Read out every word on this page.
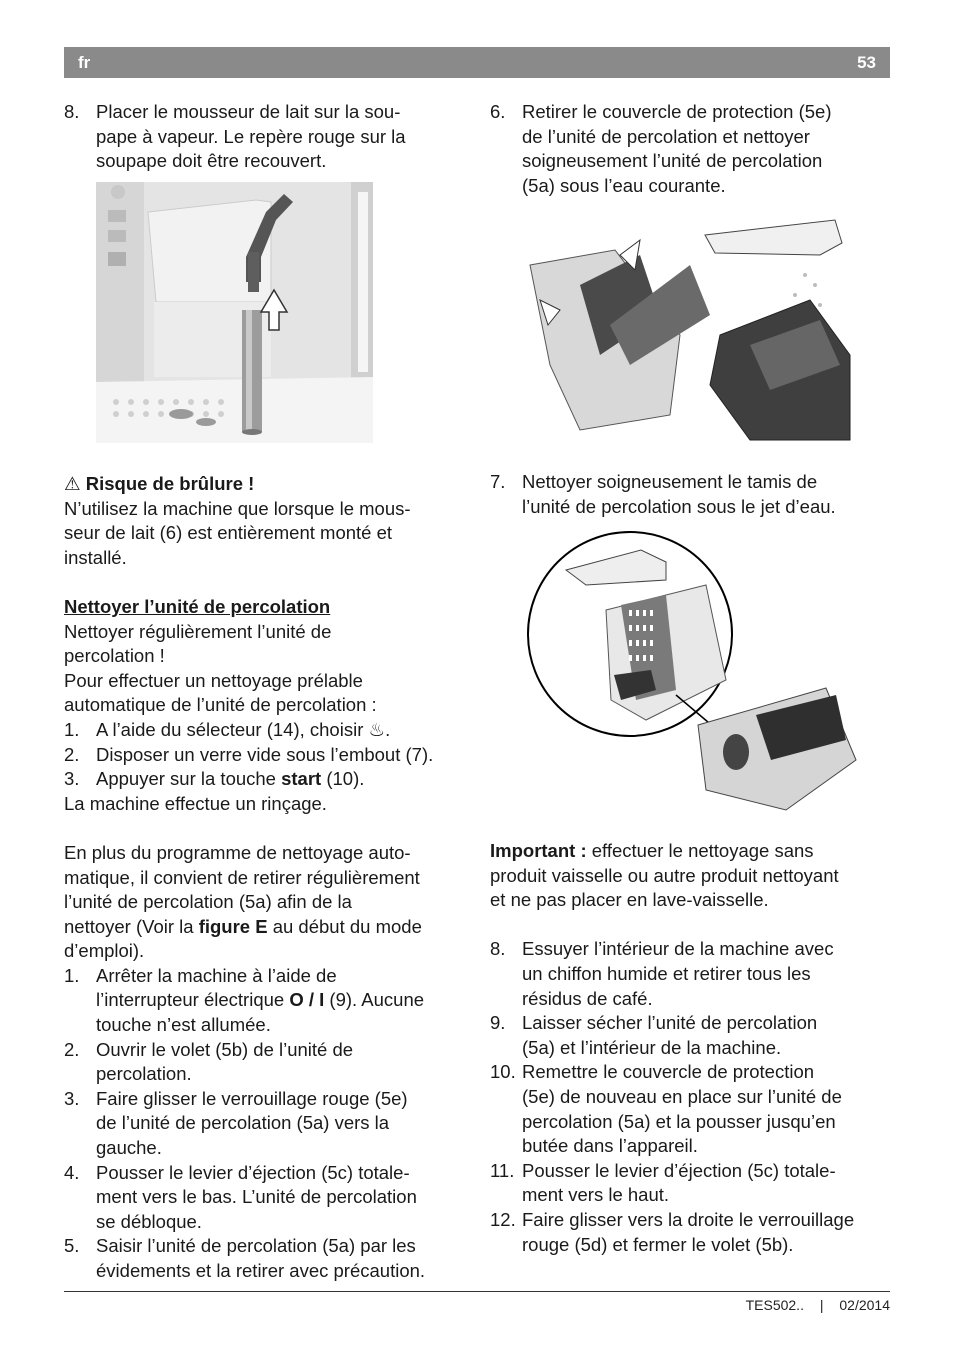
fr	53
8. Placer le mousseur de lait sur la sou-

pape à vapeur. Le repère rouge sur la

soupape doit être recouvert.

⚠ Risque de brûlure !

N’utilisez la machine que lorsque le mous-

seur de lait (6) est entièrement monté et

installé.

Nettoyer l’unité de percolation

Nettoyer régulièrement l’unité de

percolation !

Pour effectuer un nettoyage prélable

automatique de l’unité de percolation :

1. A l’aide du sélecteur (14), choisir ♨.

2. Disposer un verre vide sous l’embout (7).

3. Appuyer sur la touche start (10).

La machine effectue un rinçage.

En plus du programme de nettoyage auto-

matique, il convient de retirer régulièrement

l’unité de percolation (5a) afin de la

nettoyer (Voir la figure E au début du mode

d’emploi).

1. Arrêter la machine à l’aide de

l’interrupteur électrique O / I (9). Aucune

touche n’est allumée.

2. Ouvrir le volet (5b) de l’unité de

percolation.

3. Faire glisser le verrouillage rouge (5e)

de l’unité de percolation (5a) vers la

gauche.

4. Pousser le levier d’éjection (5c) totale-

ment vers le bas. L’unité de percolation

se débloque.

5. Saisir l’unité de percolation (5a) par les

évidements et la retirer avec précaution.

6. Retirer le couvercle de protection (5e)

de l’unité de percolation et nettoyer

soigneusement l’unité de percolation

(5a) sous l’eau courante.

7. Nettoyer soigneusement le tamis de

l’unité de percolation sous le jet d’eau.

Important : effectuer le nettoyage sans

produit vaisselle ou autre produit nettoyant

et ne pas placer en lave-vaisselle.

8. Essuyer l’intérieur de la machine avec

un chiffon humide et retirer tous les

résidus de café.

9. Laisser sécher l’unité de percolation

(5a) et l’intérieur de la machine.

10. Remettre le couvercle de protection

(5e) de nouveau en place sur l’unité de

percolation (5a) et la pousser jusqu’en

butée dans l’appareil.

11. Pousser le levier d’éjection (5c) totale-

ment vers le haut.

12. Faire glisser vers la droite le verrouillage

rouge (5d) et fermer le volet (5b).

TES502.. | 02/2014
